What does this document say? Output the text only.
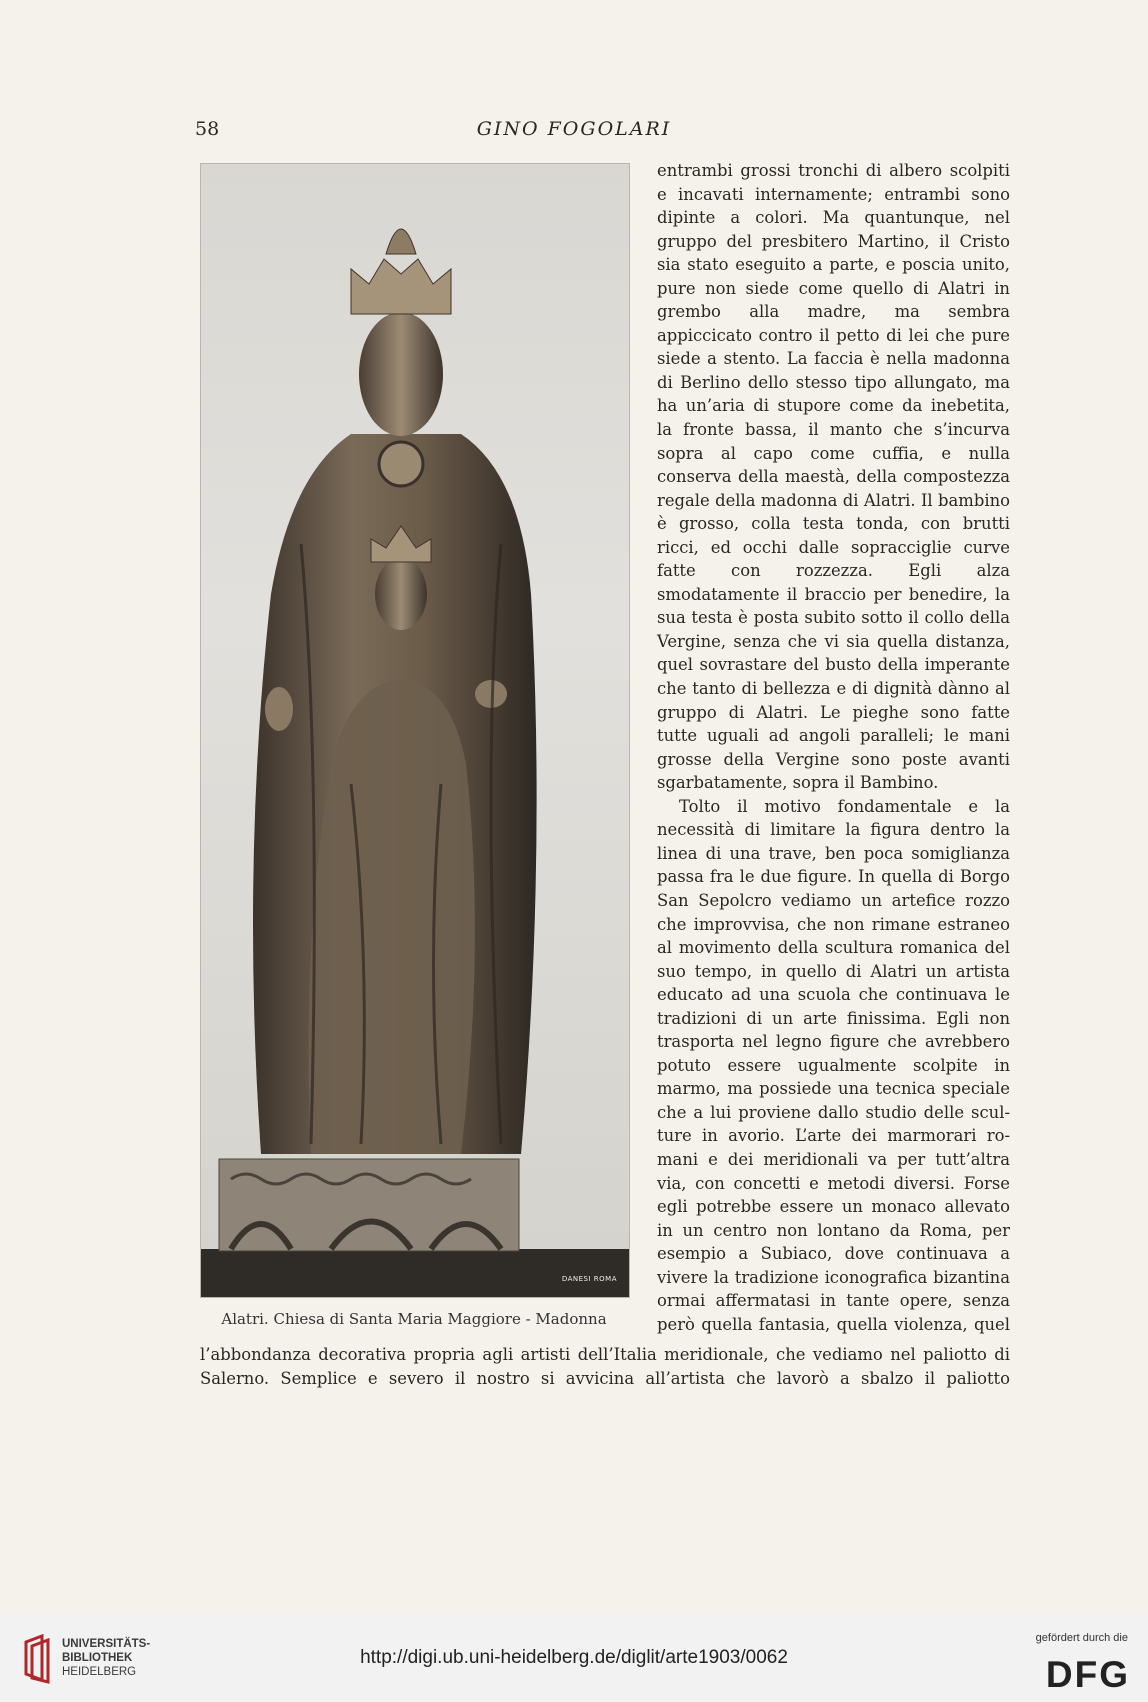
58	GINO FOGOLARI
DANESI ROMA
Alatri. Chiesa di Santa Maria Maggiore - Madonna

entrambi grossi tronchi di albero scolpiti e incavati internamente; entrambi sono dipinte a colori. Ma quantunque, nel gruppo del presbitero Martino, il Cristo sia stato eseguito a parte, e poscia unito, pure non siede come quello di Alatri in grembo alla madre, ma sembra appiccicato contro il petto di lei che pure siede a stento. La faccia è nella madonna di Berlino dello stesso tipo allungato, ma ha un’aria di stupore come da inebetita, la fronte bassa, il manto che s’incurva sopra al capo come cuffia, e nulla conserva della maestà, della compostezza regale della madonna di Alatri. Il bambino è grosso, colla testa tonda, con brutti ricci, ed occhi dalle sopracciglie curve fatte con rozzezza. Egli alza smodatamente il braccio per benedire, la sua testa è posta subito sotto il collo della Vergine, senza che vi sia quella distanza, quel sovrastare del busto della imperante che tanto di bellezza e di dignità dànno al gruppo di Alatri. Le pieghe sono fatte tutte uguali ad angoli paralleli; le mani grosse della Vergine sono poste avanti sgarbatamente, sopra il Bambino.

Tolto il motivo fondamentale e la necessità di limitare la figura dentro la linea di una trave, ben poca somiglianza passa fra le due figure. In quella di Borgo San Sepolcro vediamo un artefice rozzo che improvvisa, che non rimane estraneo al movimento della scultura romanica del suo tempo, in quello di Alatri un artista educato ad una scuola che continuava le tradizioni di un arte finissima. Egli non trasporta nel legno figure che avrebbero potuto essere ugualmente scolpite in marmo, ma possiede una tecnica speciale che a lui proviene dallo studio delle sculture in avorio. L’arte dei marmorari romani e dei meridionali va per tutt’altra via, con concetti e metodi diversi. Forse egli potrebbe essere un monaco allevato in un centro non lontano da Roma, per esempio a Subiaco, dove continuava a vivere la tradizione iconografica bizantina ormai affermatasi in tante opere, senza però quella fantasia, quella violenza, quel

l’abbondanza decorativa propria agli artisti dell’Italia meridionale, che vediamo nel paliotto di Salerno. Semplice e severo il nostro si avvicina all’artista che lavorò a sbalzo il paliotto

UNIVERSITÄTS-
BIBLIOTHEK
HEIDELBERG
http://digi.ub.uni-heidelberg.de/diglit/arte1903/0062
gefördert durch die
DFG
